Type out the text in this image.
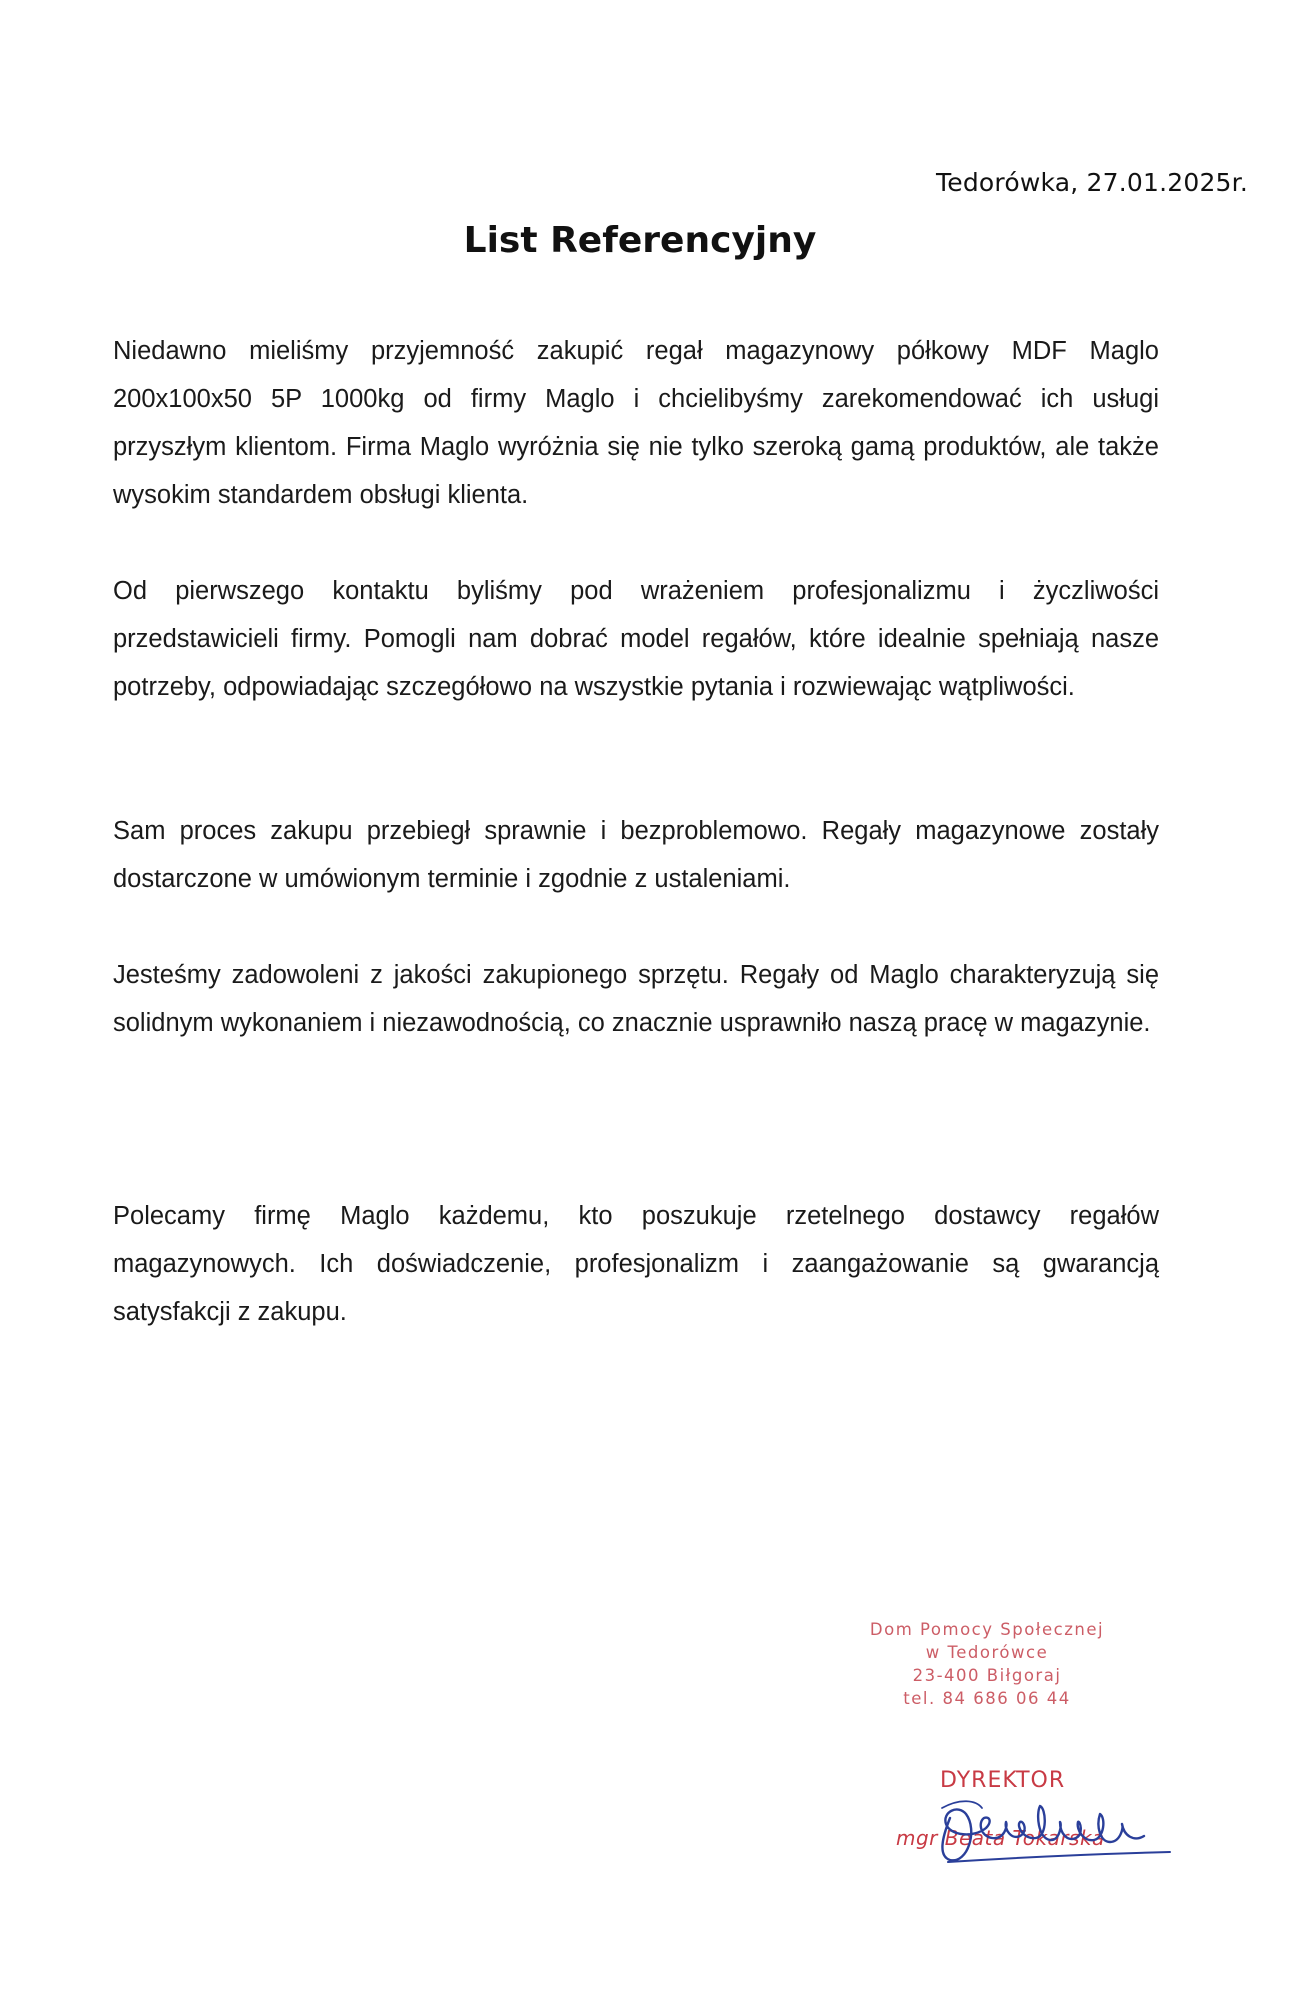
Tedorówka, 27.01.2025r.
List Referencyjny

Niedawno mieliśmy przyjemność zakupić regał magazynowy półkowy MDF Maglo 200x100x50 5P 1000kg od firmy Maglo i chcielibyśmy zarekomendować ich usługi przyszłym klientom. Firma Maglo wyróżnia się nie tylko szeroką gamą produktów, ale także wysokim standardem obsługi klienta.

Od pierwszego kontaktu byliśmy pod wrażeniem profesjonalizmu i życzliwości przedstawicieli firmy. Pomogli nam dobrać model regałów, które idealnie spełniają nasze potrzeby, odpowiadając szczegółowo na wszystkie pytania i rozwiewając wątpliwości.

Sam proces zakupu przebiegł sprawnie i bezproblemowo. Regały magazynowe zostały dostarczone w umówionym terminie i zgodnie z ustaleniami.

Jesteśmy zadowoleni z jakości zakupionego sprzętu. Regały od Maglo charakteryzują się solidnym wykonaniem i niezawodnością, co znacznie usprawniło naszą pracę w magazynie.

Polecamy firmę Maglo każdemu, kto poszukuje rzetelnego dostawcy regałów magazynowych. Ich doświadczenie, profesjonalizm i zaangażowanie są gwarancją satysfakcji z zakupu.

Dom Pomocy Społecznej
w Tedorówce
23-400 Biłgoraj
tel. 84 686 06 44
DYREKTOR
mgr Beata Tokarska
